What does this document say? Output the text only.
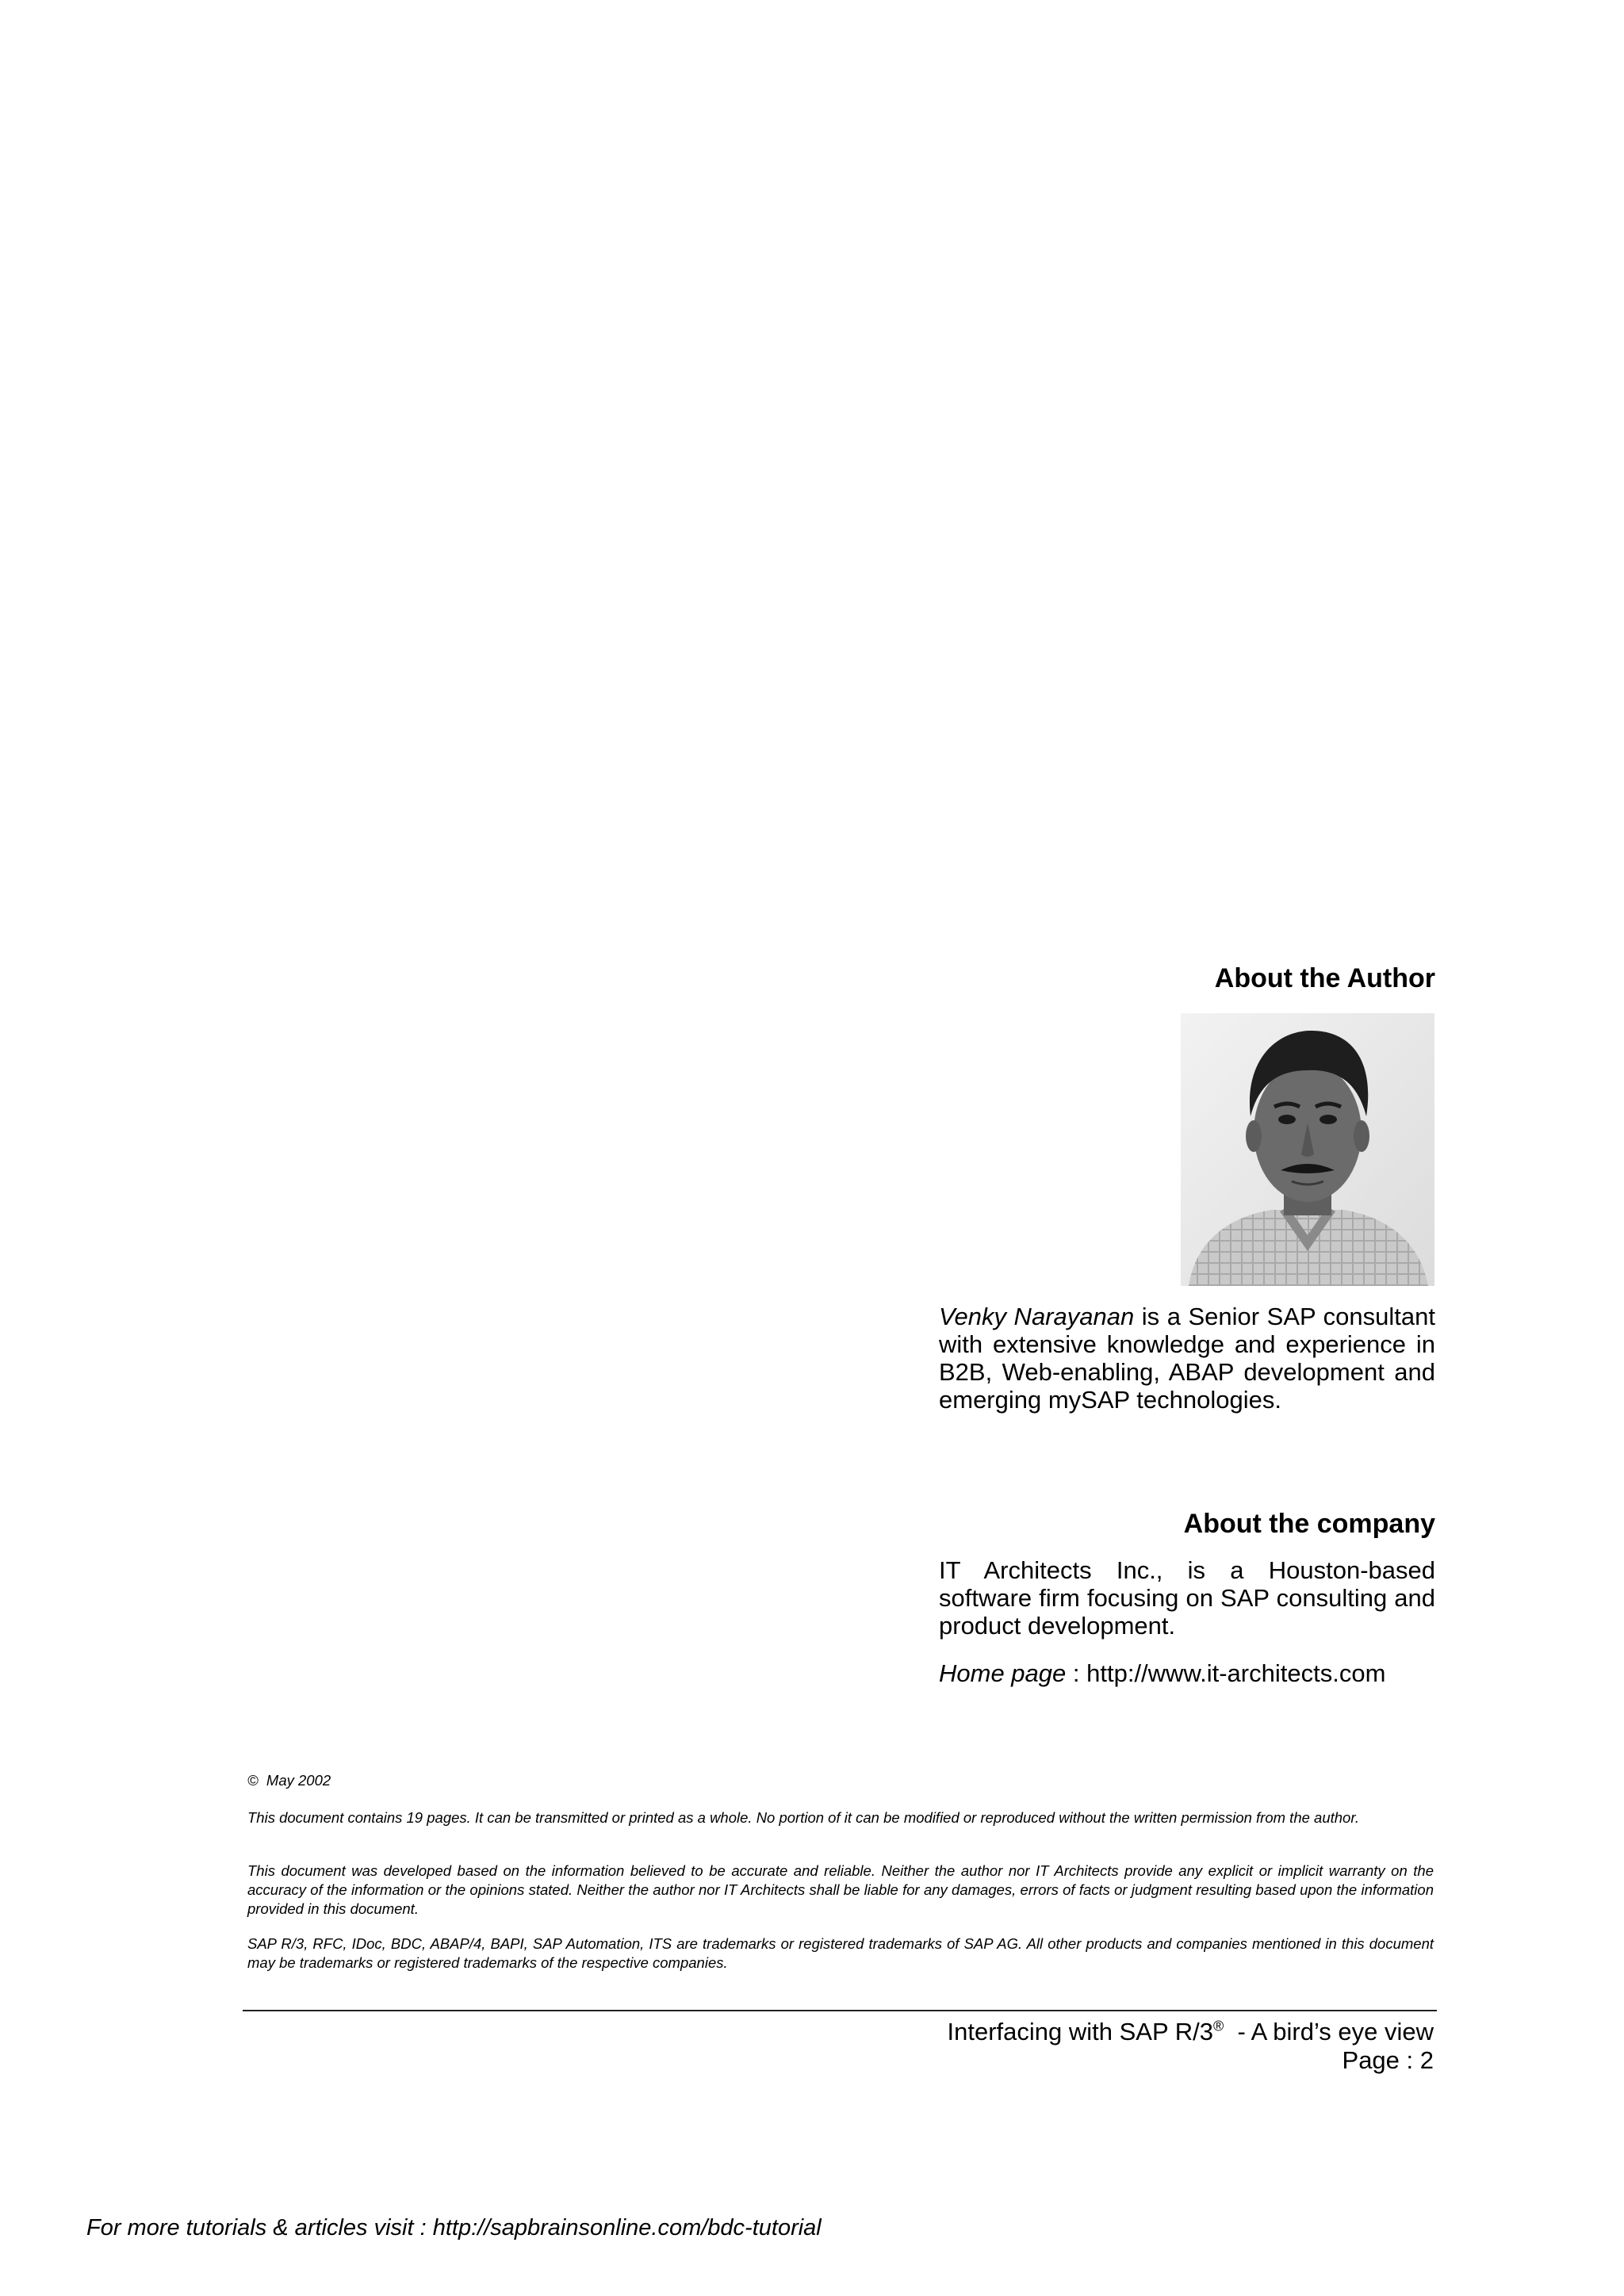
About the Author

Venky Narayanan is a Senior SAP consultant with extensive knowledge and experience in B2B, Web-enabling, ABAP development and emerging mySAP technologies.

About the company

IT Architects Inc., is a Houston-based software firm focusing on SAP consulting and product development.

Home page : http://www.it-architects.com

© May 2002

This document contains 19 pages. It can be transmitted or printed as a whole. No portion of it can be modified or reproduced without the written permission from the author.

This document was developed based on the information believed to be accurate and reliable. Neither the author nor IT Architects provide any explicit or implicit warranty on the accuracy of the information or the opinions stated. Neither the author nor IT Architects shall be liable for any damages, errors of facts or judgment resulting based upon the information provided in this document.

SAP R/3, RFC, IDoc, BDC, ABAP/4, BAPI, SAP Automation, ITS are trademarks or registered trademarks of SAP AG. All other products and companies mentioned in this document may be trademarks or registered trademarks of the respective companies.

Interfacing with SAP R/3®  - A bird’s eye view
Page : 2
For more tutorials & articles visit : http://sapbrainsonline.com/bdc-tutorial
